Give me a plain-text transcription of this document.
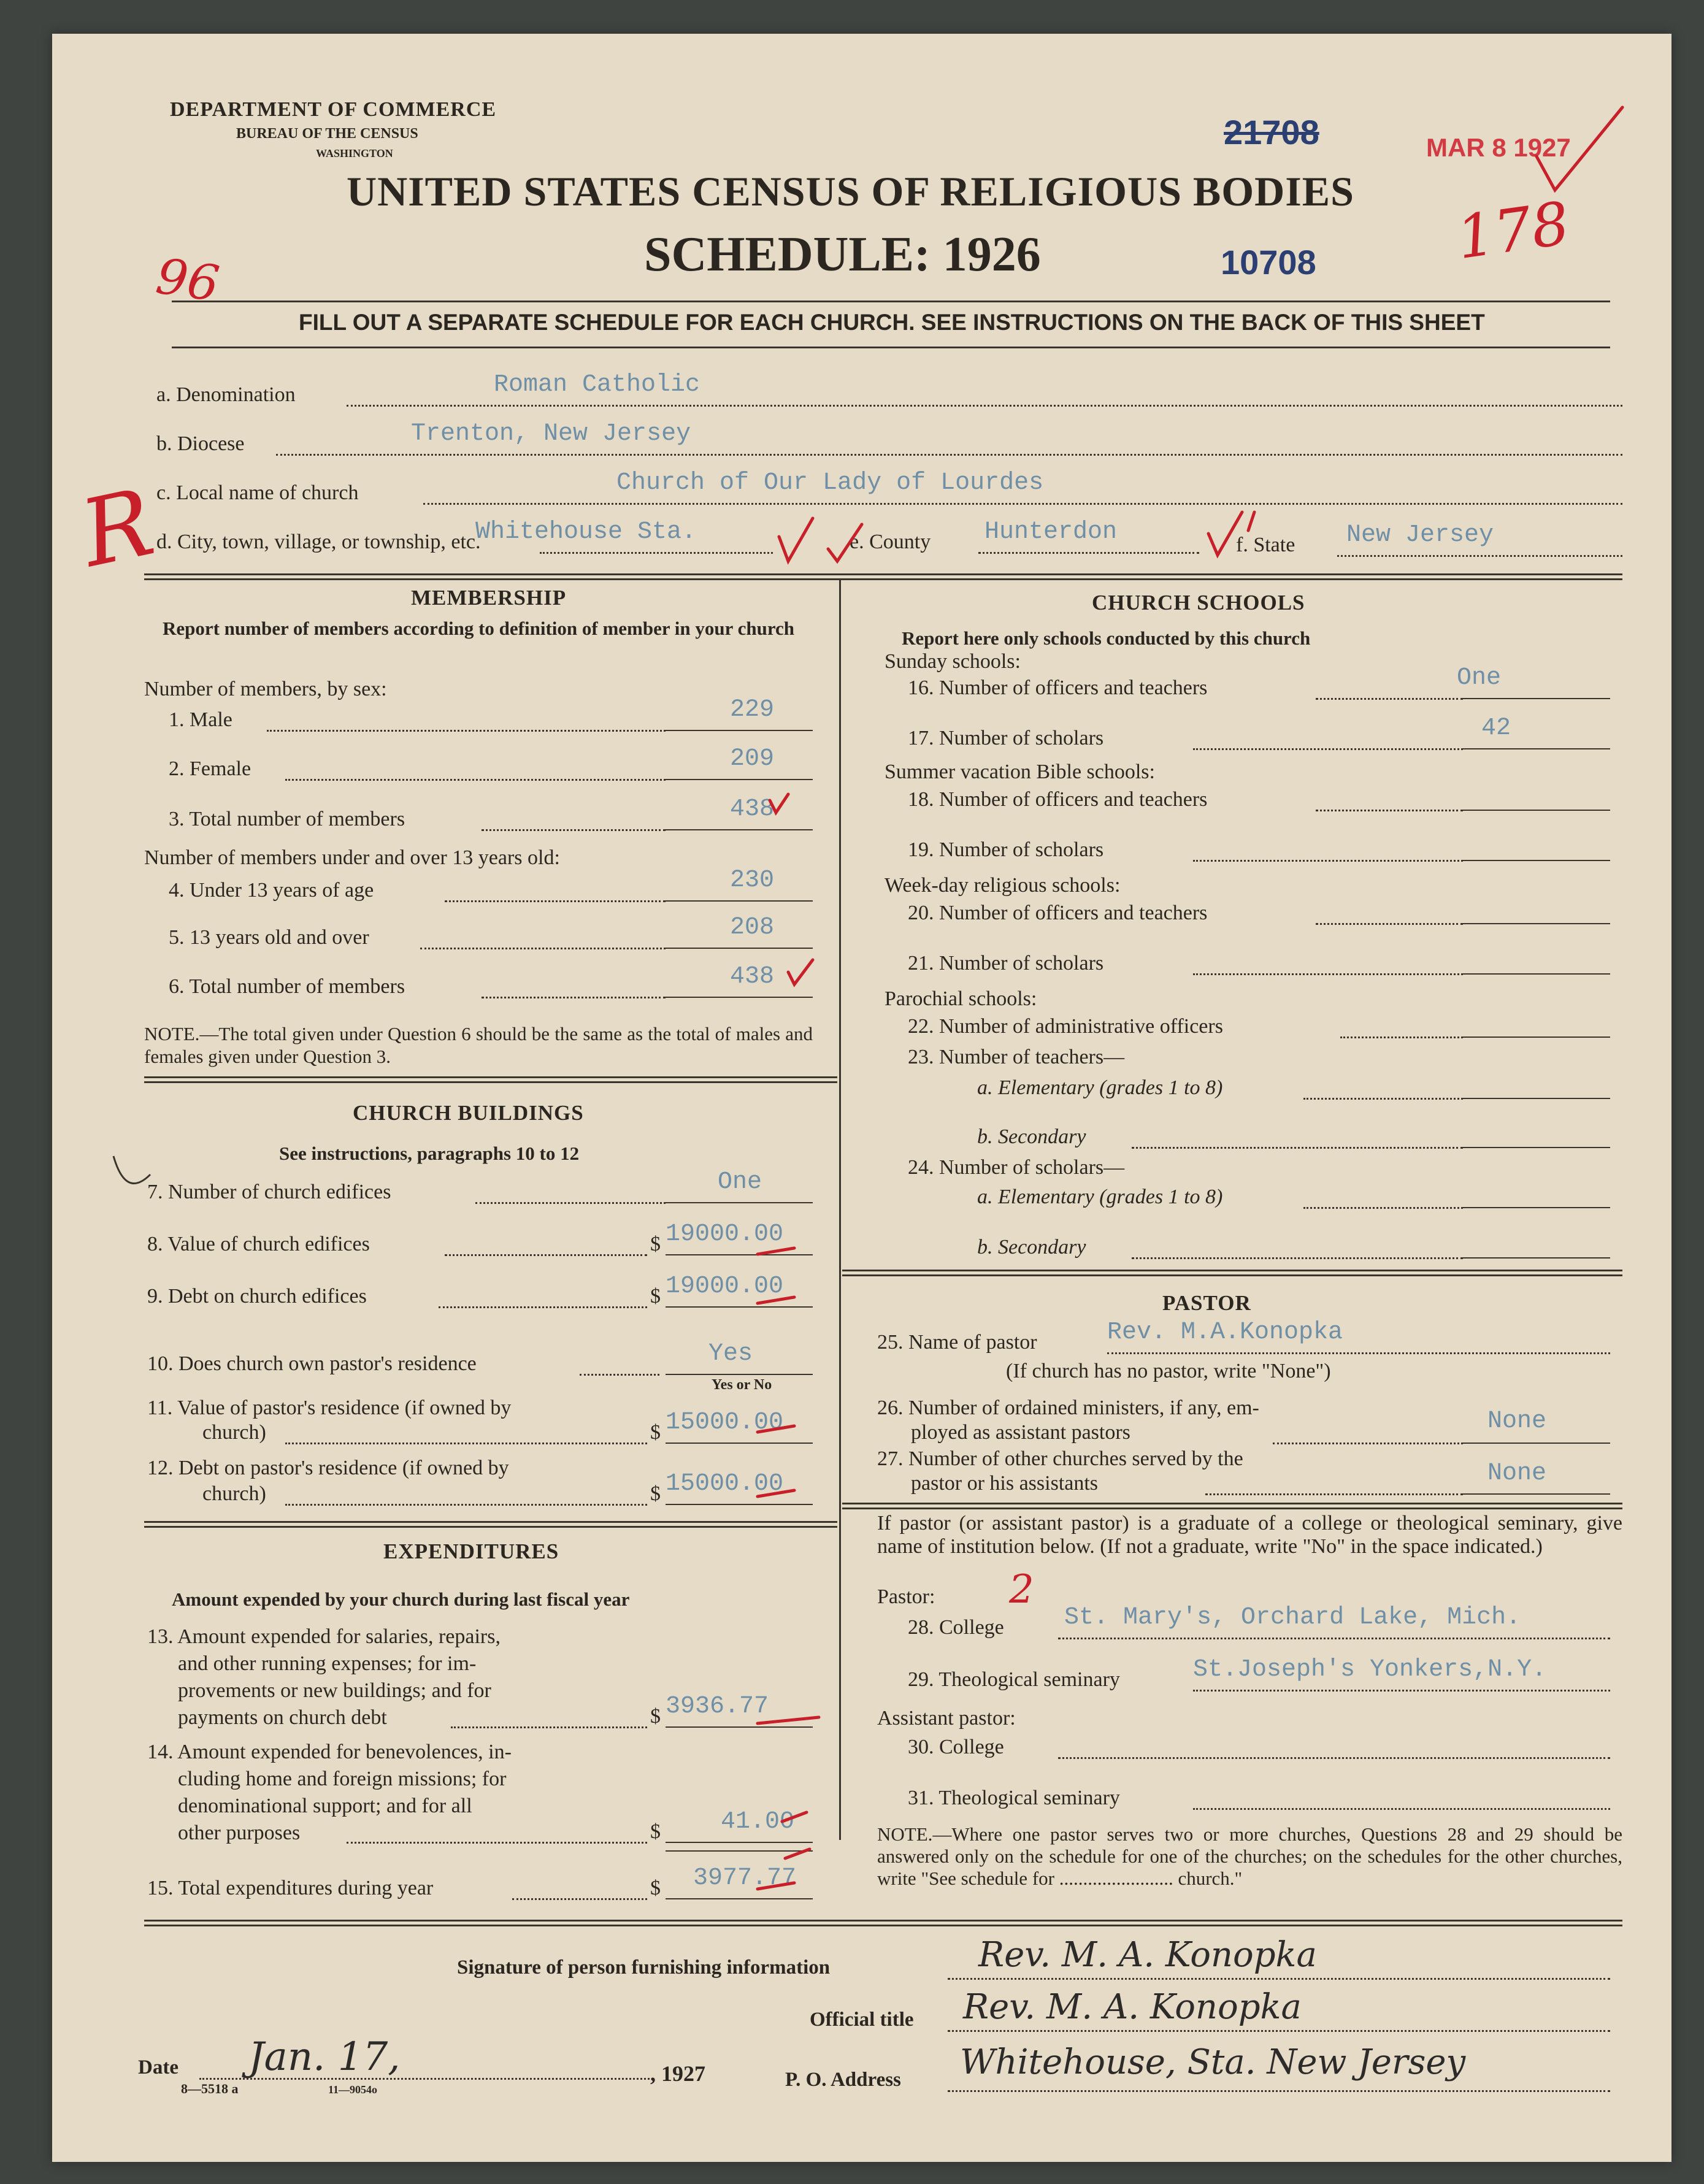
DEPARTMENT OF COMMERCE
BUREAU OF THE CENSUS
WASHINGTON
UNITED STATES CENSUS OF RELIGIOUS BODIES
SCHEDULE: 1926
21708
10708
MAR 8 1927
96
178
FILL OUT A SEPARATE SCHEDULE FOR EACH CHURCH. SEE INSTRUCTIONS ON THE BACK OF THIS SHEET
a. Denomination	Roman Catholic
b. Diocese	Trenton, New Jersey
c. Local name of church	Church of Our Lady of Lourdes
d. City, town, village, or township, etc.
Whitehouse Sta.	e. County Hunterdon	f. State New Jersey
R
MEMBERSHIP
Report number of members according to definition of member in your church
Number of members, by sex:
1. Male	229
2. Female	209
3. Total number of members	438
Number of members under and over 13 years old:
4. Under 13 years of age	230
5. 13 years old and over	208
6. Total number of members	438
NOTE.—The total given under Question 6 should be the same as the total of males and females given under Question 3.
CHURCH BUILDINGS
See instructions, paragraphs 10 to 12
7. Number of church edifices	One
8. Value of church edifices	$ 19000.00
9. Debt on church edifices	$ 19000.00
10. Does church own pastor's residence	Yes
Yes or No
11. Value of pastor's residence (if owned by
church)	$ 15000.00
12. Debt on pastor's residence (if owned by
church)	$ 15000.00
EXPENDITURES
Amount expended by your church during last fiscal year
13. Amount expended for salaries, repairs,
and other running expenses; for im-
provements or new buildings; and for
payments on church debt	$ 3936.77
14. Amount expended for benevolences, in-
cluding home and foreign missions; for
denominational support; and for all
other purposes	$ 41.00
15. Total expenditures during year	$ 3977.77
CHURCH SCHOOLS
Report here only schools conducted by this church
Sunday schools:
16. Number of officers and teachers	One
17. Number of scholars	42
Summer vacation Bible schools:
18. Number of officers and teachers
19. Number of scholars
Week-day religious schools:
20. Number of officers and teachers
21. Number of scholars
Parochial schools:
22. Number of administrative officers
23. Number of teachers—
a. Elementary (grades 1 to 8)
b. Secondary
24. Number of scholars—
a. Elementary (grades 1 to 8)
b. Secondary
PASTOR
25. Name of pastor	Rev. M.A.Konopka
(If church has no pastor, write "None")
26. Number of ordained ministers, if any, em-
ployed as assistant pastors	None
27. Number of other churches served by the
pastor or his assistants	None
If pastor (or assistant pastor) is a graduate of a college or theological seminary, give name of institution below. (If not a graduate, write "No" in the space indicated.)
Pastor: 2
28. College St. Mary's, Orchard Lake, Mich.
29. Theological seminary	St.Joseph's Yonkers,N.Y.
Assistant pastor:
30. College
31. Theological seminary
NOTE.—Where one pastor serves two or more churches, Questions 28 and 29 should be answered only on the schedule for one of the churches; on the schedules for the other churches, write "See schedule for ........................ church."
Signature of person furnishing information	Rev. M. A. Konopka
Official title Rev. M. A. Konopka
Date Jan. 17,	, 1927	P. O. Address Whitehouse, Sta. New Jersey
8—5518 a	11—9054o
